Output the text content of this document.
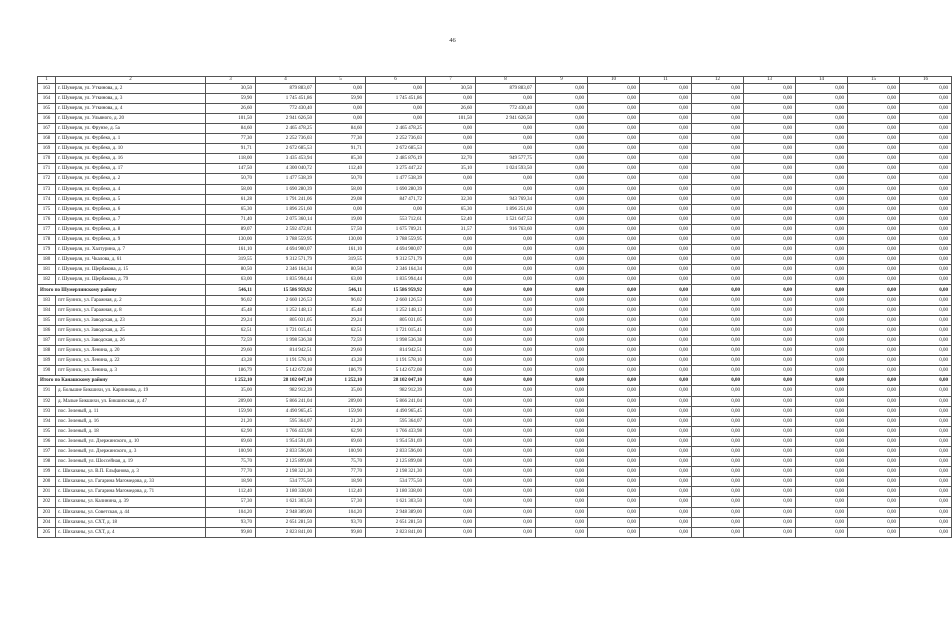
46
1	2	3	4	5	6	7	8	9	10	11	12	13	14	15	16
163	г. Шумерля, ул. Уткинова, д. 2	30,50	879 883,07	0,00	0,00	30,50	879 883,07	0,00	0,00	0,00	0,00	0,00	0,00	0,00	0,00
164	г. Шумерля, ул. Уткинова, д. 3	59,90	1 745 451,86	59,90	1 745 451,86	0,00	0,00	0,00	0,00	0,00	0,00	0,00	0,00	0,00	0,00
165	г. Шумерля, ул. Уткинова, д. 4	26,60	772 430,40	0,00	0,00	26,60	772 430,40	0,00	0,00	0,00	0,00	0,00	0,00	0,00	0,00
166	г. Шумерля, ул. Ульяного, д. 20	101,50	2 941 626,50	0,00	0,00	101,50	2 941 626,50	0,00	0,00	0,00	0,00	0,00	0,00	0,00	0,00
167	г. Шумерля, ул. Фрунзе, д. 5а	84,60	2 465 478,25	84,60	2 465 478,25	0,00	0,00	0,00	0,00	0,00	0,00	0,00	0,00	0,00	0,00
168	г. Шумерля, ул. Фурбеко, д. 1	77,30	2 252 736,03	77,30	2 252 736,03	0,00	0,00	0,00	0,00	0,00	0,00	0,00	0,00	0,00	0,00
169	г. Шумерля, ул. Фурбеко, д. 10	91,71	2 672 685,53	91,71	2 672 685,53	0,00	0,00	0,00	0,00	0,00	0,00	0,00	0,00	0,00	0,00
170	г. Шумерля, ул. Фурбеко, д. 16	118,00	3 435 453,94	85,30	2 485 876,19	32,70	949 577,75	0,00	0,00	0,00	0,00	0,00	0,00	0,00	0,00
171	г. Шумерля, ул. Фурбеко, д. 17	147,50	4 300 040,72	112,40	3 275 447,22	35,10	1 024 593,50	0,00	0,00	0,00	0,00	0,00	0,00	0,00	0,00
172	г. Шумерля, ул. Фурбеко, д. 2	50,70	1 477 538,39	50,70	1 477 538,39	0,00	0,00	0,00	0,00	0,00	0,00	0,00	0,00	0,00	0,00
173	г. Шумерля, ул. Фурбеко, д. 4	58,00	1 690 280,39	58,00	1 690 280,39	0,00	0,00	0,00	0,00	0,00	0,00	0,00	0,00	0,00	0,00
174	г. Шумерля, ул. Фурбеко, д. 5	61,28	1 791 241,06	29,08	847 471,72	32,30	943 769,34	0,00	0,00	0,00	0,00	0,00	0,00	0,00	0,00
175	г. Шумерля, ул. Фурбеко, д. 6	65,30	1 896 251,60	0,00	0,00	65,30	1 896 251,60	0,00	0,00	0,00	0,00	0,00	0,00	0,00	0,00
176	г. Шумерля, ул. Фурбеко, д. 7	71,40	2 075 360,14	19,00	553 712,61	52,40	1 521 647,53	0,00	0,00	0,00	0,00	0,00	0,00	0,00	0,00
177	г. Шумерля, ул. Фурбеко, д. 8	89,07	2 592 472,81	57,50	1 675 709,21	31,57	916 763,60	0,00	0,00	0,00	0,00	0,00	0,00	0,00	0,00
178	г. Шумерля, ул. Фурбеко, д. 9	130,00	3 788 559,95	130,00	3 788 559,95	0,00	0,00	0,00	0,00	0,00	0,00	0,00	0,00	0,00	0,00
179	г. Шумерля, ул. Халтурина, д. 7	161,10	4 694 900,07	161,10	4 694 900,07	0,00	0,00	0,00	0,00	0,00	0,00	0,00	0,00	0,00	0,00
180	г. Шумерля, ул. Чкалова, д. 61	319,55	9 312 571,79	319,55	9 312 571,79	0,00	0,00	0,00	0,00	0,00	0,00	0,00	0,00	0,00	0,00
181	г. Шумерля, ул. Щербакова, д. 15	80,50	2 346 164,34	80,50	2 346 164,34	0,00	0,00	0,00	0,00	0,00	0,00	0,00	0,00	0,00	0,00
182	г. Шумерля, ул. Щербакова, д. 79	63,00	1 835 994,44	63,00	1 835 994,44	0,00	0,00	0,00	0,00	0,00	0,00	0,00	0,00	0,00	0,00
Итого по Шумерлинскому району		546,11	15 586 959,92	546,11	15 586 959,92	0,00	0,00	0,00	0,00	0,00	0,00	0,00	0,00	0,00	0,00
183	пгт Буинск, ул. Гаражная, д. 2	96,02	2 660 126,53	96,02	2 660 126,53	0,00	0,00	0,00	0,00	0,00	0,00	0,00	0,00	0,00	0,00
184	пгт Буинск, ул. Гаражная, д. 8	45,48	1 252 148,13	45,48	1 252 148,13	0,00	0,00	0,00	0,00	0,00	0,00	0,00	0,00	0,00	0,00
185	пгт Буинск, ул. Заводская, д. 23	29,24	805 031,05	29,24	805 031,05	0,00	0,00	0,00	0,00	0,00	0,00	0,00	0,00	0,00	0,00
186	пгт Буинск, ул. Заводская, д. 25	62,51	1 721 015,41	62,51	1 721 015,41	0,00	0,00	0,00	0,00	0,00	0,00	0,00	0,00	0,00	0,00
187	пгт Буинск, ул. Заводская, д. 26	72,59	1 998 536,38	72,59	1 998 536,38	0,00	0,00	0,00	0,00	0,00	0,00	0,00	0,00	0,00	0,00
188	пгт Буинск, ул. Ленина, д. 20	29,60	814 942,51	29,60	814 942,51	0,00	0,00	0,00	0,00	0,00	0,00	0,00	0,00	0,00	0,00
189	пгт Буинск, ул. Ленина, д. 22	43,28	1 191 578,10	43,28	1 191 578,10	0,00	0,00	0,00	0,00	0,00	0,00	0,00	0,00	0,00	0,00
190	пгт Буинск, ул. Ленина, д. 3	186,79	5 142 672,08	186,79	5 142 672,08	0,00	0,00	0,00	0,00	0,00	0,00	0,00	0,00	0,00	0,00
Итого по Канашскому району		1 252,10	28 102 047,10	1 252,10	28 102 047,10	0,00	0,00	0,00	0,00	0,00	0,00	0,00	0,00	0,00	0,00
191	д. Большие Бикшихи, ул. Карпинова, д. 19	35,00	982 912,39	35,00	982 912,39	0,00	0,00	0,00	0,00	0,00	0,00	0,00	0,00	0,00	0,00
192	д. Малые Бикшихи, ул. Бикшихская, д. 47	209,00	5 866 241,04	209,00	5 866 241,04	0,00	0,00	0,00	0,00	0,00	0,00	0,00	0,00	0,00	0,00
193	пос. Зеленый, д. 11	159,90	4 490 965,45	159,90	4 490 965,45	0,00	0,00	0,00	0,00	0,00	0,00	0,00	0,00	0,00	0,00
194	пос. Зеленый, д. 16	21,20	595 364,07	21,20	595 364,07	0,00	0,00	0,00	0,00	0,00	0,00	0,00	0,00	0,00	0,00
195	пос. Зеленый, д. 18	62,90	1 766 433,98	62,90	1 766 433,98	0,00	0,00	0,00	0,00	0,00	0,00	0,00	0,00	0,00	0,00
196	пос. Зеленый, ул. Дзержинского, д. 10	69,60	1 954 591,69	69,60	1 954 591,69	0,00	0,00	0,00	0,00	0,00	0,00	0,00	0,00	0,00	0,00
197	пос. Зеленый, ул. Дзержинского, д. 3	100,90	2 833 596,00	100,90	2 833 596,00	0,00	0,00	0,00	0,00	0,00	0,00	0,00	0,00	0,00	0,00
198	пос. Зеленый, ул. Шоссейная, д. 19	75,70	2 125 899,08	75,70	2 125 899,08	0,00	0,00	0,00	0,00	0,00	0,00	0,00	0,00	0,00	0,00
199	с. Шихазаны, ул. В.П. Ельфанова, д. 3	77,70	2 198 321,30	77,70	2 198 321,30	0,00	0,00	0,00	0,00	0,00	0,00	0,00	0,00	0,00	0,00
200	с. Шихазаны, ул. Гагарина Магомедова, д. 33	18,90	534 775,50	18,90	534 775,50	0,00	0,00	0,00	0,00	0,00	0,00	0,00	0,00	0,00	0,00
201	с. Шихазаны, ул. Гагарина Магомедова, д. 71	112,40	3 180 338,00	112,40	3 180 338,00	0,00	0,00	0,00	0,00	0,00	0,00	0,00	0,00	0,00	0,00
202	с. Шихазаны, ул. Калинина, д. 39	57,30	1 621 303,50	57,30	1 621 303,50	0,00	0,00	0,00	0,00	0,00	0,00	0,00	0,00	0,00	0,00
203	с. Шихазаны, ул. Советская, д. 44	104,20	2 948 389,00	104,20	2 948 389,00	0,00	0,00	0,00	0,00	0,00	0,00	0,00	0,00	0,00	0,00
204	с. Шихазаны, ул. СХТ, д. 18	93,70	2 651 281,50	93,70	2 651 281,50	0,00	0,00	0,00	0,00	0,00	0,00	0,00	0,00	0,00	0,00
205	с. Шихазаны, ул. СХТ, д. 4	99,80	2 823 841,00	99,80	2 823 841,00	0,00	0,00	0,00	0,00	0,00	0,00	0,00	0,00	0,00	0,00
